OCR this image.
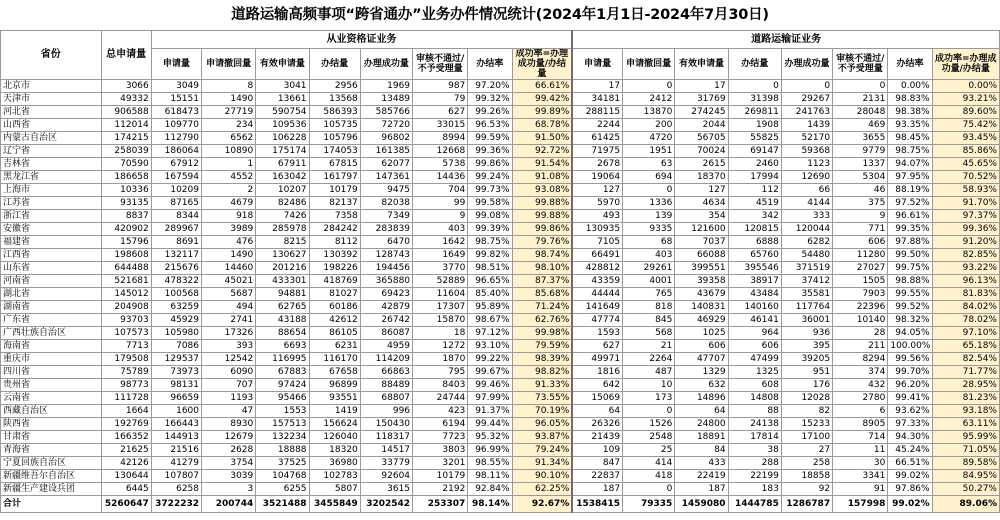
道路运输高频事项“跨省通办”业务办件情况统计(2024年1月1日-2024年7月30日)
省份	总申请量	从业资格证业务								道路运输证业务							
		申请量	申请撤回量	有效申请量	办结量	办理成功量	审核不通过/不予受理量	办结率	成功率=办理成功量/办结量	申请量	申请撤回量	有效申请量	办结量	办理成功量	审核不通过/不予受理量	办结率	成功率=办理成功量/办结量
北京市	3066	3049	8	3041	2956	1969	987	97.20%	66.61%	17	0	17	0	0	0	0.00%	0.00%
天津市	49332	15151	1490	13661	13568	13489	79	99.32%	99.42%	34181	2412	31769	31398	29267	2131	98.83%	93.21%
河北省	906588	618473	27719	590754	586393	585766	627	99.26%	99.89%	288115	13870	274245	269811	241763	28048	98.38%	89.60%
山西省	112014	109770	234	109536	105735	72720	33015	96.53%	68.78%	2244	200	2044	1908	1439	469	93.35%	75.42%
内蒙古自治区	174215	112790	6562	106228	105796	96802	8994	99.59%	91.50%	61425	4720	56705	55825	52170	3655	98.45%	93.45%
辽宁省	258039	186064	10890	175174	174053	161385	12668	99.36%	92.72%	71975	1951	70024	69147	59368	9779	98.75%	85.86%
吉林省	70590	67912	1	67911	67815	62077	5738	99.86%	91.54%	2678	63	2615	2460	1123	1337	94.07%	45.65%
黑龙江省	186658	167594	4552	163042	161797	147361	14436	99.24%	91.08%	19064	694	18370	17994	12690	5304	97.95%	70.52%
上海市	10336	10209	2	10207	10179	9475	704	99.73%	93.08%	127	0	127	112	66	46	88.19%	58.93%
江苏省	93135	87165	4679	82486	82137	82038	99	99.58%	99.88%	5970	1336	4634	4519	4144	375	97.52%	91.70%
浙江省	8837	8344	918	7426	7358	7349	9	99.08%	99.88%	493	139	354	342	333	9	96.61%	97.37%
安徽省	420902	289967	3989	285978	284242	283839	403	99.39%	99.86%	130935	9335	121600	120815	120044	771	99.35%	99.36%
福建省	15796	8691	476	8215	8112	6470	1642	98.75%	79.76%	7105	68	7037	6888	6282	606	97.88%	91.20%
江西省	198608	132117	1490	130627	130392	128743	1649	99.82%	98.74%	66491	403	66088	65760	54480	11280	99.50%	82.85%
山东省	644488	215676	14460	201216	198226	194456	3770	98.51%	98.10%	428812	29261	399551	395546	371519	27027	99.75%	93.22%
河南省	521681	478322	45021	433301	418769	365880	52889	96.65%	87.37%	43359	4001	39358	38917	37412	1505	98.88%	96.13%
湖北省	145012	100568	5687	94881	81027	69423	11604	85.40%	85.68%	44444	765	43679	43484	35581	7903	99.55%	81.83%
湖南省	204908	63259	494	62765	60186	42879	17307	95.89%	71.24%	141649	818	140831	140160	117764	22396	99.52%	84.02%
广东省	93703	45929	2741	43188	42612	26742	15870	98.67%	62.76%	47774	845	46929	46141	36001	10140	98.32%	78.02%
广西壮族自治区	107573	105980	17326	88654	86105	86087	18	97.12%	99.98%	1593	568	1025	964	936	28	94.05%	97.10%
海南省	7713	7086	393	6693	6231	4959	1272	93.10%	79.59%	627	21	606	606	395	211	100.00%	65.18%
重庆市	179508	129537	12542	116995	116170	114209	1870	99.22%	98.39%	49971	2264	47707	47499	39205	8294	99.56%	82.54%
四川省	75789	73973	6090	67883	67658	66863	795	99.67%	98.82%	1816	487	1329	1325	951	374	99.70%	71.77%
贵州省	98773	98131	707	97424	96899	88489	8403	99.46%	91.33%	642	10	632	608	176	432	96.20%	28.95%
云南省	111728	96659	1193	95466	93551	68807	24744	97.99%	73.55%	15069	173	14896	14808	12028	2780	99.41%	81.23%
西藏自治区	1664	1600	47	1553	1419	996	423	91.37%	70.19%	64	0	64	88	82	6	93.62%	93.18%
陕西省	192769	166443	8930	157513	156624	150430	6194	99.44%	96.05%	26326	1526	24800	24138	15233	8905	97.33%	63.11%
甘肃省	166352	144913	12679	132234	126040	118317	7723	95.32%	93.87%	21439	2548	18891	17814	17100	714	94.30%	95.99%
青海省	21625	21516	2628	18888	18320	14517	3803	96.99%	79.24%	109	25	84	38	27	11	45.24%	71.05%
宁夏回族自治区	42126	41279	3754	37525	36980	33779	3201	98.55%	91.34%	847	414	433	288	258	30	66.51%	89.58%
新疆维吾尔自治区	130644	107807	3039	104768	102783	92604	10179	98.11%	90.10%	22837	418	22419	22199	18858	3341	99.02%	84.95%
新疆生产建设兵团	6445	6258	3	6255	5807	3615	2192	92.84%	62.25%	187	0	187	183	92	91	97.86%	50.27%
合计	5260647	3722232	200744	3521488	3455849	3202542	253307	98.14%	92.67%	1538415	79335	1459080	1444785	1286787	157998	99.02%	89.06%
